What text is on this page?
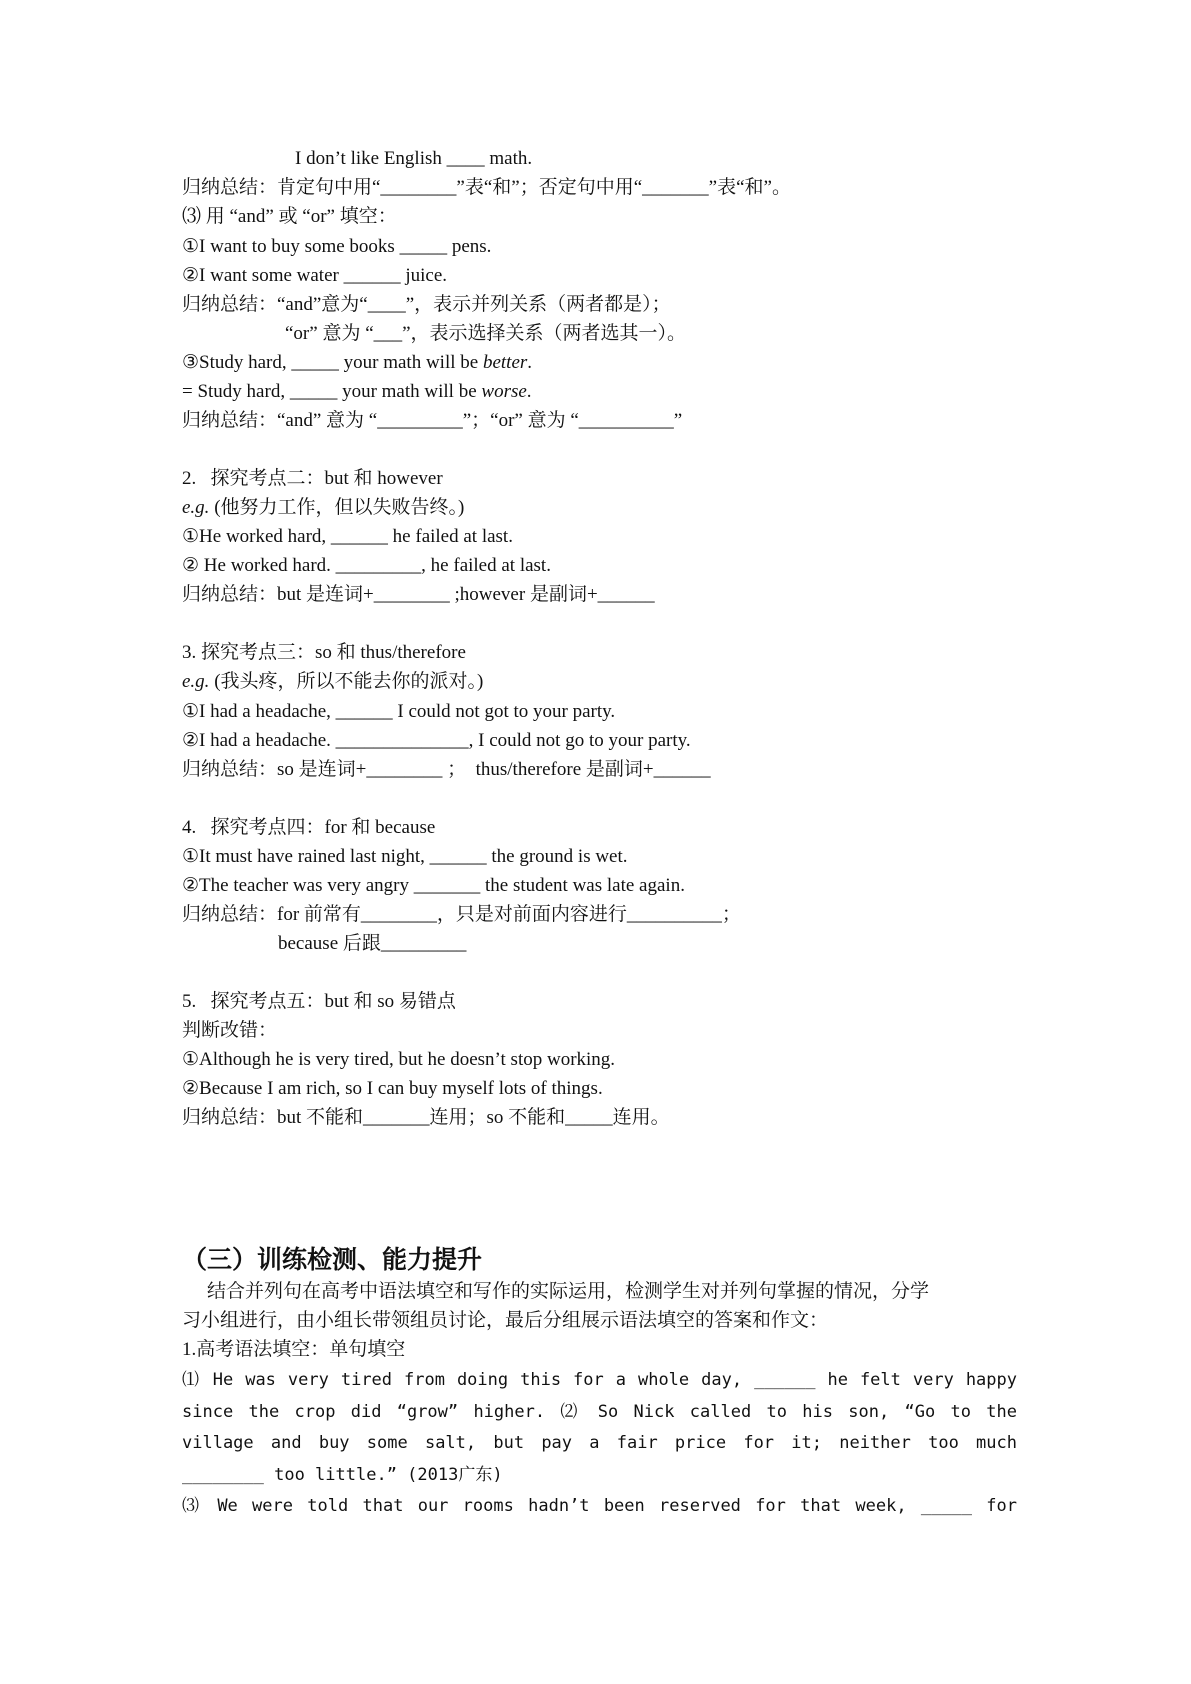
I don’t like English ____ math.
归纳总结：肯定句中用“________”表“和”；否定句中用“_______”表“和”。
⑶ 用 “and” 或 “or” 填空：
①I want to buy some books _____ pens.
②I want some water ______ juice.
归纳总结：“and”意为“____”，表示并列关系（两者都是）；
“or” 意为 “___”，表示选择关系（两者选其一）。
③Study hard, _____ your math will be better.
= Study hard, _____ your math will be worse.
归纳总结：“and” 意为 “_________”；“or” 意为 “__________”
2.   探究考点二：but 和 however
e.g. (他努力工作，但以失败告终。)
①He worked hard, ______ he failed at last.
② He worked hard. _________, he failed at last.
归纳总结：but 是连词+________ ;however 是副词+______
3. 探究考点三：so 和 thus/therefore
e.g. (我头疼，所以不能去你的派对。)
①I had a headache, ______ I could not got to your party.
②I had a headache. ______________, I could not go to your party.
归纳总结：so 是连词+________ ；  thus/therefore 是副词+______
4.   探究考点四：for 和 because
①It must have rained last night, ______ the ground is wet.
②The teacher was very angry _______ the student was late again.
归纳总结：for 前常有________，只是对前面内容进行__________；
because 后跟_________
5.   探究考点五：but 和 so 易错点
判断改错：
①Although he is very tired, but he doesn’t stop working.
②Because I am rich, so I can buy myself lots of things.
归纳总结：but 不能和_______连用；so 不能和_____连用。
（三）训练检测、能力提升
结合并列句在高考中语法填空和写作的实际运用，检测学生对并列句掌握的情况，分学
习小组进行，由小组长带领组员讨论，最后分组展示语法填空的答案和作文：
1.高考语法填空：单句填空
⑴ He was very tired from doing this for a whole day, ______ he felt very happy
since the crop did “grow” higher. ⑵ So Nick called to his son, “Go to the
village and buy some salt, but pay a fair price for it; neither too much
________ too little.” (2013广东)
⑶ We were told that our rooms hadn’t been reserved for that week, _____ for
